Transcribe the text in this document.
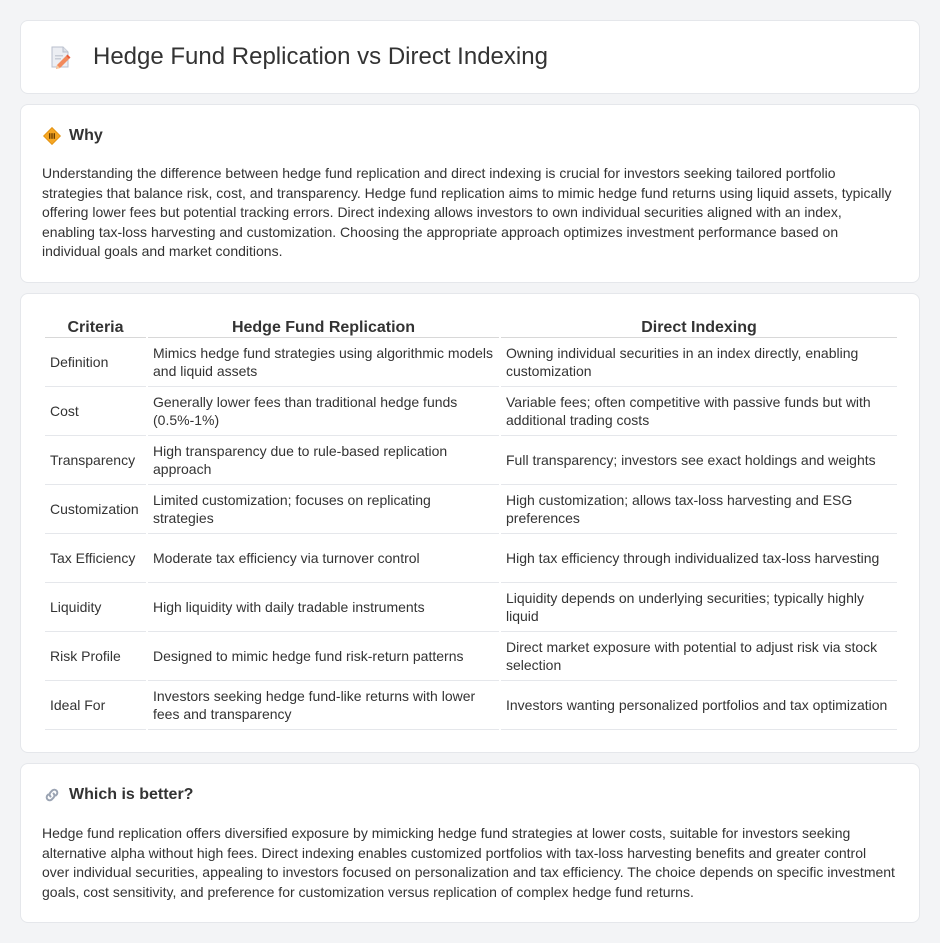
Hedge Fund Replication vs Direct Indexing
Why

Understanding the difference between hedge fund replication and direct indexing is crucial for investors seeking tailored portfolio strategies that balance risk, cost, and transparency. Hedge fund replication aims to mimic hedge fund returns using liquid assets, typically offering lower fees but potential tracking errors. Direct indexing allows investors to own individual securities aligned with an index, enabling tax-loss harvesting and customization. Choosing the appropriate approach optimizes investment performance based on individual goals and market conditions.

Criteria	Hedge Fund Replication	Direct Indexing
Definition	Mimics hedge fund strategies using algorithmic models and liquid assets	Owning individual securities in an index directly, enabling customization
Cost	Generally lower fees than traditional hedge funds (0.5%-1%)	Variable fees; often competitive with passive funds but with additional trading costs
Transparency	High transparency due to rule-based replication approach	Full transparency; investors see exact holdings and weights
Customization	Limited customization; focuses on replicating strategies	High customization; allows tax-loss harvesting and ESG preferences
Tax Efficiency	Moderate tax efficiency via turnover control	High tax efficiency through individualized tax-loss harvesting
Liquidity	High liquidity with daily tradable instruments	Liquidity depends on underlying securities; typically highly liquid
Risk Profile	Designed to mimic hedge fund risk-return patterns	Direct market exposure with potential to adjust risk via stock selection
Ideal For	Investors seeking hedge fund-like returns with lower fees and transparency	Investors wanting personalized portfolios and tax optimization
Which is better?

Hedge fund replication offers diversified exposure by mimicking hedge fund strategies at lower costs, suitable for investors seeking alternative alpha without high fees. Direct indexing enables customized portfolios with tax-loss harvesting benefits and greater control over individual securities, appealing to investors focused on personalization and tax efficiency. The choice depends on specific investment goals, cost sensitivity, and preference for customization versus replication of complex hedge fund returns.
